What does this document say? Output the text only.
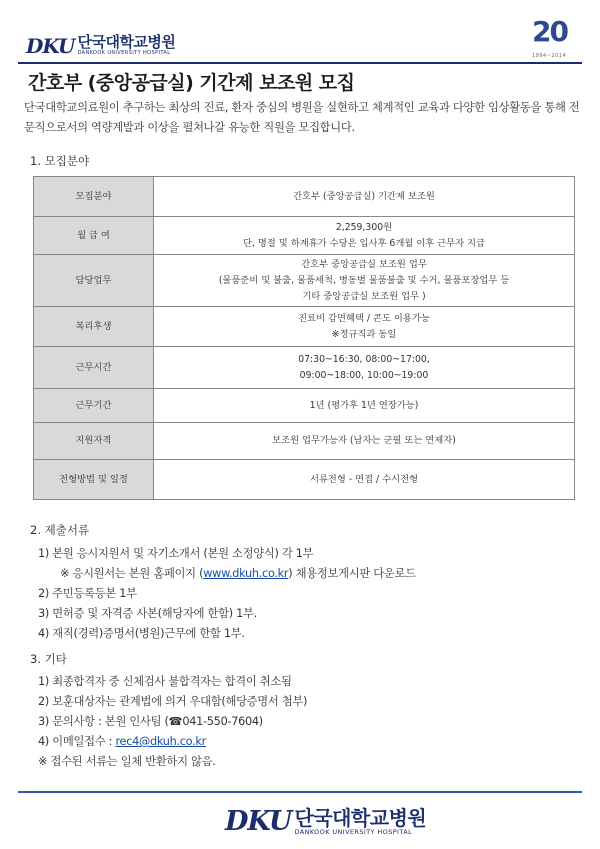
DKU 단국대학교병원
DANKOOK UNIVERSITY HOSPITAL
20
1994~2014
간호부 (중앙공급실) 기간제 보조원 모집
단국대학교의료원이 추구하는 최상의 진료, 환자 중심의 병원을 실현하고 체계적인 교육과 다양한 임상활동을 통해 전문직으로서의 역량계발과 이상을 펼쳐나갈 유능한 직원을 모집합니다.
1. 모집분야
모집분야	간호부 (중앙공급실) 기간제 보조원

월 급 여	2,259,300원
단, 명절 및 하계휴가 수당은 입사후 6개월 이후 근무자 지급

담당업무	간호부 중앙공급실 보조원 업무
(물품준비 및 불출, 물품세척, 병동별 물품불출 및 수거, 물품포장업무 등
기타 중앙공급실 보조원 업무 )

복리후생	진료비 감면혜택 / 콘도 이용가능
※정규직과 동일

근무시간	07:30~16:30, 08:00~17:00,
09:00~18:00, 10:00~19:00

근무기간	1년 (평가후 1년 연장가능)

지원자격	보조원 업무가능자 (남자는 군필 또는 면제자)

전형방법 및 일정	서류전형 - 면접 / 수시전형
2. 제출서류
1) 본원 응시지원서 및 자기소개서 (본원 소정양식) 각 1부
※ 응시원서는 본원 홈페이지 (www.dkuh.co.kr) 채용정보게시판 다운로드
2) 주민등록등본 1부
3) 면허증 및 자격증 사본(해당자에 한함) 1부.
4) 재직(경력)증명서(병원)근무에 한함 1부.
3. 기타
1) 최종합격자 중 신체검사 불합격자는 합격이 취소됨
2) 보훈대상자는 관계법에 의거 우대함(해당증명서 첨부)
3) 문의사항 : 본원 인사팀 (☎041-550-7604)
4) 이메일접수 : rec4@dkuh.co.kr
※ 접수된 서류는 일체 반환하지 않음.
DKU 단국대학교병원
DANKOOK UNIVERSITY HOSPITAL
